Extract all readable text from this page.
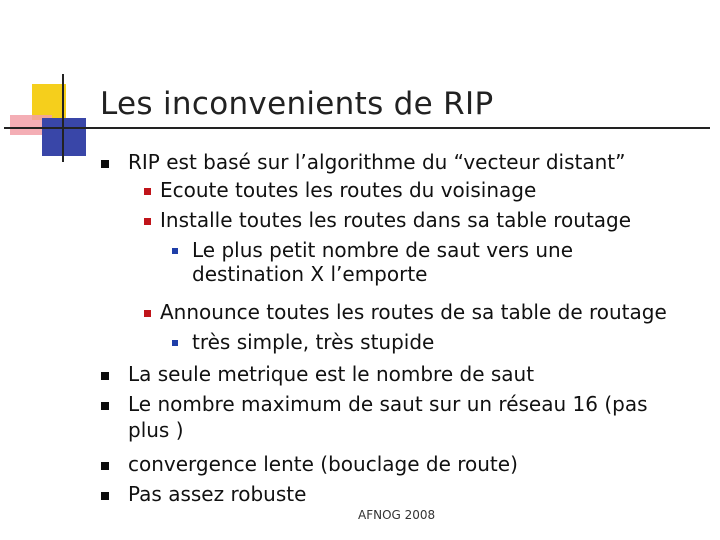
Les inconvenients de RIP
RIP est basé sur l’algorithme du “vecteur distant”
Ecoute toutes les routes du voisinage
Installe toutes les routes dans sa table routage
Le plus petit nombre de saut vers une
destination X l’emporte
Announce toutes les routes de sa table de routage
très simple, très stupide
La seule metrique est le nombre de saut
Le nombre maximum de saut sur un réseau 16 (pas
plus )
convergence lente (bouclage de route)
Pas assez robuste
AFNOG 2008
